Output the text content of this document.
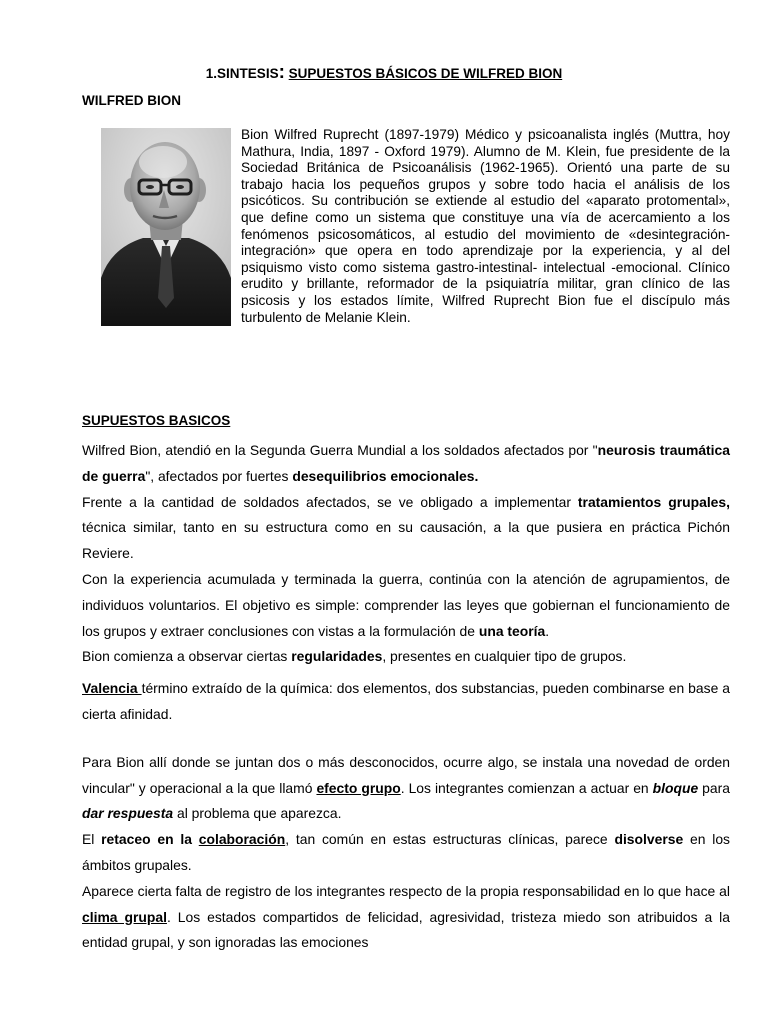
1.SINTESIS: SUPUESTOS BÁSICOS DE WILFRED BION
WILFRED BION

Bion Wilfred Ruprecht (1897-1979) Médico y psicoanalista inglés (Muttra, hoy Mathura, India, 1897 - Oxford 1979). Alumno de M. Klein, fue presidente de la Sociedad Británica de Psicoanálisis (1962-1965). Orientó una parte de su trabajo hacia los pequeños grupos y sobre todo hacia el análisis de los psicóticos. Su contribución se extiende al estudio del «aparato protomental», que define como un sistema que constituye una vía de acercamiento a los fenómenos psicosomáticos, al estudio del movimiento de «desintegración-integración» que opera en todo aprendizaje por la experiencia, y al del psiquismo visto como sistema gastro-intestinal- intelectual -emocional. Clínico erudito y brillante, reformador de la psiquiatría militar, gran clínico de las psicosis y los estados límite, Wilfred Ruprecht Bion fue el discípulo más turbulento de Melanie Klein.

SUPUESTOS BASICOS

Wilfred Bion, atendió en la Segunda Guerra Mundial a los soldados afectados por "neurosis traumática de guerra", afectados por fuertes desequilibrios emocionales.

Frente a la cantidad de soldados afectados, se ve obligado a implementar tratamientos grupales, técnica similar, tanto en su estructura como en su causación, a la que pusiera en práctica Pichón Reviere.

Con la experiencia acumulada y terminada la guerra, continúa con la atención de agrupamientos, de individuos voluntarios. El objetivo es simple: comprender las leyes que gobiernan el funcionamiento de los grupos y extraer conclusiones con vistas a la formulación de una teoría.

Bion comienza a observar ciertas regularidades, presentes en cualquier tipo de grupos.

Valencia término extraído de la química: dos elementos, dos substancias, pueden combinarse en base a cierta afinidad.

Para Bion allí donde se juntan dos o más desconocidos, ocurre algo, se instala una novedad de orden vincular" y operacional a la que llamó efecto grupo. Los integrantes comienzan a actuar en bloque para dar respuesta al problema que aparezca.

El retaceo en la colaboración, tan común en estas estructuras clínicas, parece disolverse en los ámbitos grupales.

Aparece cierta falta de registro de los integrantes respecto de la propia responsabilidad en lo que hace al clima grupal. Los estados compartidos de felicidad, agresividad, tristeza miedo son atribuidos a la entidad grupal, y son ignoradas las emociones
